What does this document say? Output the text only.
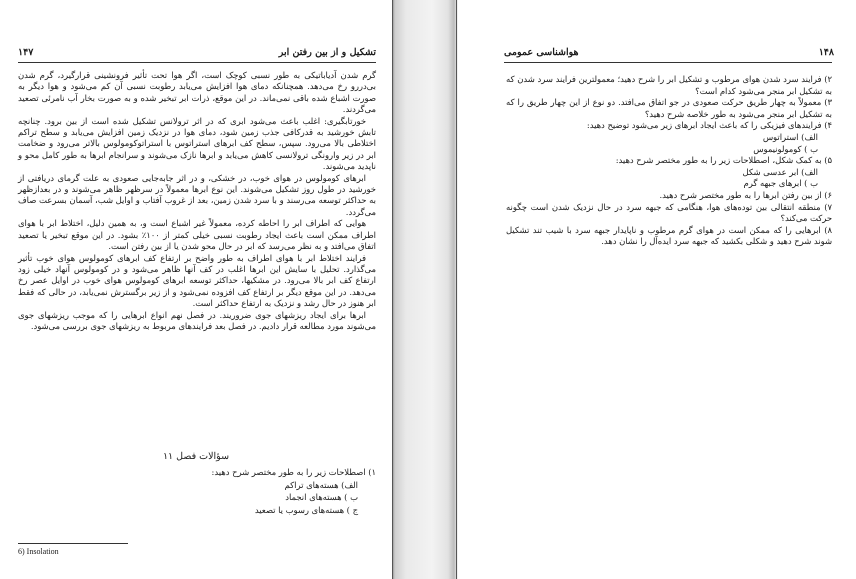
۱۴۷	تشکیل و از بین رفتن ابر

گرم شدن آدیاباتیکی به طور نسبی کوچک است، اگر هوا تحت تأثیر فرونشینی قرارگیرد، گرم شدن بی‌دررو رخ می‌دهد. همچنانکه دمای هوا افزایش می‌یابد رطوبت نسبی آن کم می‌شود و هوا دیگر به صورت اشباع شده باقی نمی‌ماند. در این موقع، ذرات ابر تبخیر شده و به صورت بخار آب نامرئی تصعید می‌گردند.

خورتابگیری: اغلب باعث می‌شود ابری که در اثر ترولانس تشکیل شده است از بین برود. چنانچه تابش خورشید به قدرکافی جذب زمین شود، دمای هوا در نزدیک زمین افزایش می‌یابد و سطح تراکم اختلاطی بالا می‌رود. سپس، سطح کف ابرهای استراتوس با استراتوکومولوس بالاتر می‌رود و ضخامت ابر در زیر وارونگی ترولانسی کاهش می‌یابد و ابرها نازک می‌شوند و سرانجام ابرها به طور کامل محو و ناپدید می‌شوند.

ابرهای کومولوس در هوای خوب، در خشکی، و در اثر جابه‌جایی صعودی به علت گرمای دریافتی از خورشید در طول روز تشکیل می‌شوند. این نوع ابرها معمولاً در سرظهر ظاهر می‌شوند و در بعدازظهر به حداکثر توسعه می‌رسند و با سرد شدن زمین، بعد از غروب آفتاب و اوایل شب، آسمان بسرعت صاف می‌گردد.

هوایی که اطراف ابر را احاطه کرده، معمولاً غیر اشباع است و، به همین دلیل، اختلاط ابر با هوای اطراف ممکن است باعث ایجاد رطوبت نسبی خیلی کمتر از ۱۰۰٪ بشود. در این موقع تبخیر یا تصعید اتفاق می‌افتد و به نظر می‌رسد که ابر در حال محو شدن یا از بین رفتن است.

فرایند اختلاط ابر با هوای اطراف به طور واضح بر ارتفاع کف ابرهای کومولوس هوای خوب تأثیر می‌گذارد. تحلیل با سایش این ابرها اغلب در کف آنها ظاهر می‌شود و در کومولوس آنهاد خیلی زود ارتفاع کف ابر بالا می‌رود. در مشکیها، حداکثر توسعه ابرهای کومولوس هوای خوب در اوایل عصر رخ می‌دهد. در این موقع دیگر بر ارتفاع کف افزوده نمی‌شود و از زیر برگسترش نمی‌یابد، در حالی که فقط ابر هنوز در حال رشد و نزدیک به ارتفاع حداکثر است.

ابرها برای ایجاد ریزشهای جوی ضروریند. در فصل نهم انواع ابرهایی را که موجب ریزشهای جوی می‌شوند مورد مطالعه قرار دادیم. در فصل بعد فرایندهای مربوط به ریزشهای جوی بررسی می‌شود.

سؤالات فصل ۱۱
۱) اصطلاحات زیر را به طور مختصر شرح دهید:
الف) هسته‌های تراکم
ب ) هسته‌های انجماد
ج ) هسته‌های رسوب یا تصعید
6) Insolation
۱۴۸
هواشناسی عمومی
۲) فرایند سرد شدن هوای مرطوب و تشکیل ابر را شرح دهید؛ معمولترین فرایند سرد شدن که به تشکیل ابر منجر می‌شود کدام است؟
۳) معمولاً به چهار طریق حرکت صعودی در جو اتفاق می‌افتد. دو نوع از این چهار طریق را که به تشکیل ابر منجر می‌شود به طور خلاصه شرح دهید؟
۴) فرایندهای فیزیکی را که باعث ایجاد ابرهای زیر می‌شود توضیح دهید:
الف) استراتوس
ب ) کومولونیموس
۵) به کمک شکل، اصطلاحات زیر را به طور مختصر شرح دهید:
الف) ابر عدسی شکل
ب ) ابرهای جبهه گرم
۶) از بین رفتن ابرها را به طور مختصر شرح دهید.
۷) منطقه انتقالی بین توده‌های هوا، هنگامی که جبهه سرد در حال نزدیک شدن است چگونه حرکت می‌کند؟
۸) ابرهایی را که ممکن است در هوای گرم مرطوب و ناپایدار جبهه سرد با شیب تند تشکیل شوند شرح دهید و شکلی بکشید که جبهه سرد ایده‌آل را نشان دهد.
